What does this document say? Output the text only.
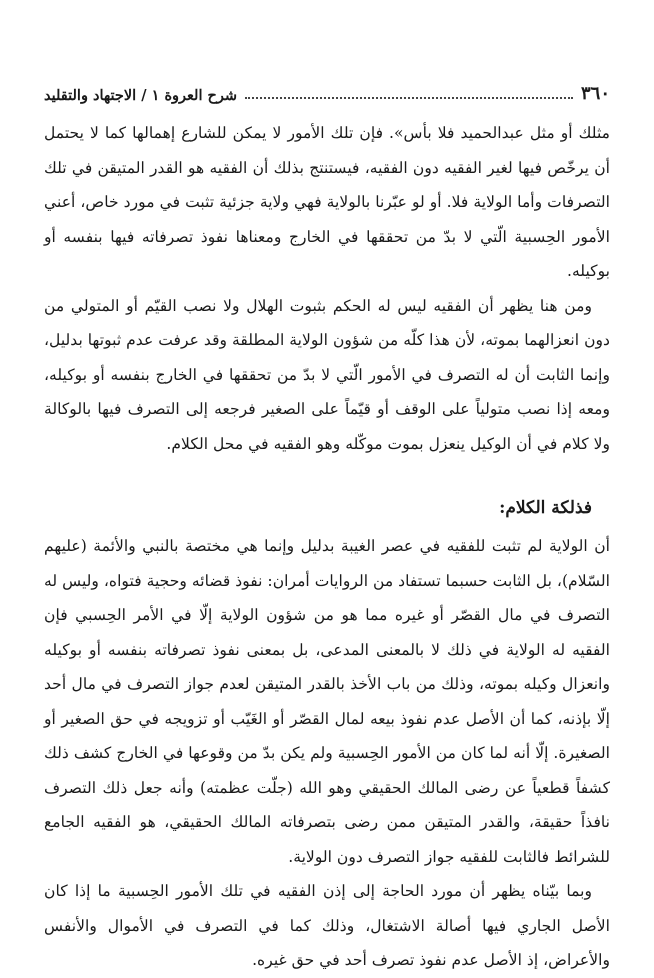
٣٦٠
شرح العروة ١ / الاجتهاد والتقليد

مثلك أو مثل عبدالحميد فلا بأس». فإن تلك الأمور لا يمكن للشارع إهمالها كما لا يحتمل أن يرخّص فيها لغير الفقيه دون الفقيه، فيستنتج بذلك أن الفقيه هو القدر المتيقن في تلك التصرفات وأما الولاية فلا. أو لو عبّرنا بالولاية فهي ولاية جزئية تثبت في مورد خاص، أعني الأمور الحِسبية الّتي لا بدّ من تحققها في الخارج ومعناها نفوذ تصرفاته فيها بنفسه أو بوكيله.

ومن هنا يظهر أن الفقيه ليس له الحكم بثبوت الهلال ولا نصب القيّم أو المتولي من دون انعزالهما بموته، لأن هذا كلّه من شؤون الولاية المطلقة وقد عرفت عدم ثبوتها بدليل، وإنما الثابت أن له التصرف في الأمور الّتي لا بدّ من تحققها في الخارج بنفسه أو بوكيله، ومعه إذا نصب متولياً على الوقف أو قيّماً على الصغير فرجعه إلى التصرف فيها بالوكالة ولا كلام في أن الوكيل ينعزل بموت موكّله وهو الفقيه في محل الكلام.

فذلكة الكلام:

أن الولاية لم تثبت للفقيه في عصر الغيبة بدليل وإنما هي مختصة بالنبي والأئمة (عليهم السّلام)، بل الثابت حسبما تستفاد من الروايات أمران: نفوذ قضائه وحجية فتواه، وليس له التصرف في مال القصّر أو غيره مما هو من شؤون الولاية إلّا في الأمر الحِسبي فإن الفقيه له الولاية في ذلك لا بالمعنى المدعى، بل بمعنى نفوذ تصرفاته بنفسه أو بوكيله وانعزال وكيله بموته، وذلك من باب الأخذ بالقدر المتيقن لعدم جواز التصرف في مال أحد إلّا بإذنه، كما أن الأصل عدم نفوذ بيعه لمال القصّر أو الغَيّب أو تزويجه في حق الصغير أو الصغيرة. إلّا أنه لما كان من الأمور الحِسبية ولم يكن بدّ من وقوعها في الخارج كشف ذلك كشفاً قطعياً عن رضى المالك الحقيقي وهو الله (جلّت عظمته) وأنه جعل ذلك التصرف نافذاً حقيقة، والقدر المتيقن ممن رضى بتصرفاته المالك الحقيقي، هو الفقيه الجامع للشرائط فالثابت للفقيه جواز التصرف دون الولاية.

وبما بيّناه يظهر أن مورد الحاجة إلى إذن الفقيه في تلك الأمور الحِسبية ما إذا كان الأصل الجاري فيها أصالة الاشتغال، وذلك كما في التصرف في الأموال والأنفس والأعراض، إذ الأصل عدم نفوذ تصرف أحد في حق غيره.
